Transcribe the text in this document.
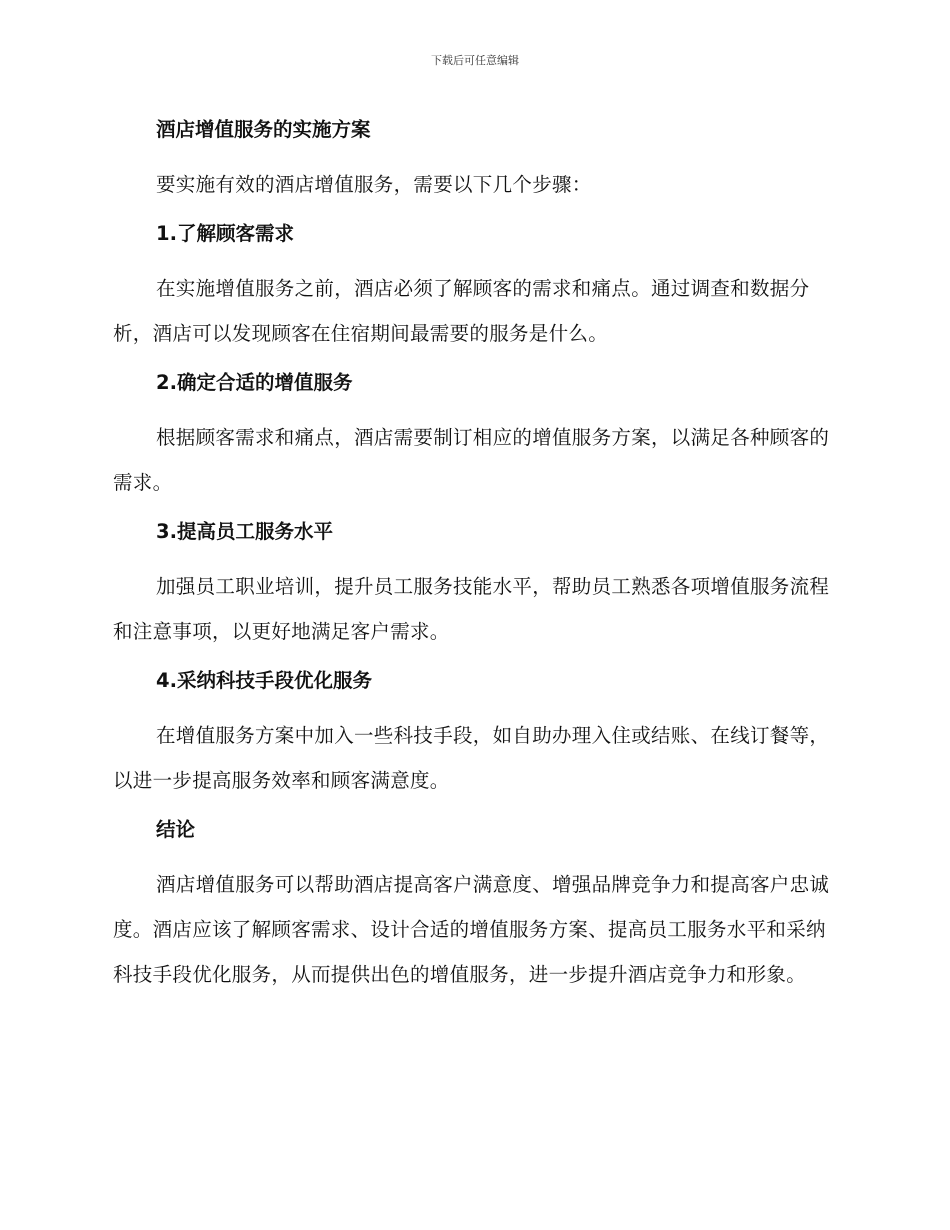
下载后可任意编辑
酒店增值服务的实施方案

要实施有效的酒店增值服务，需要以下几个步骤：

1.了解顾客需求

在实施增值服务之前，酒店必须了解顾客的需求和痛点。通过调查和数据分析，酒店可以发现顾客在住宿期间最需要的服务是什么。

2.确定合适的增值服务

根据顾客需求和痛点，酒店需要制订相应的增值服务方案，以满足各种顾客的需求。

3.提高员工服务水平

加强员工职业培训，提升员工服务技能水平，帮助员工熟悉各项增值服务流程和注意事项，以更好地满足客户需求。

4.采纳科技手段优化服务

在增值服务方案中加入一些科技手段，如自助办理入住或结账、在线订餐等，以进一步提高服务效率和顾客满意度。

结论

酒店增值服务可以帮助酒店提高客户满意度、增强品牌竞争力和提高客户忠诚度。酒店应该了解顾客需求、设计合适的增值服务方案、提高员工服务水平和采纳科技手段优化服务，从而提供出色的增值服务，进一步提升酒店竞争力和形象。
